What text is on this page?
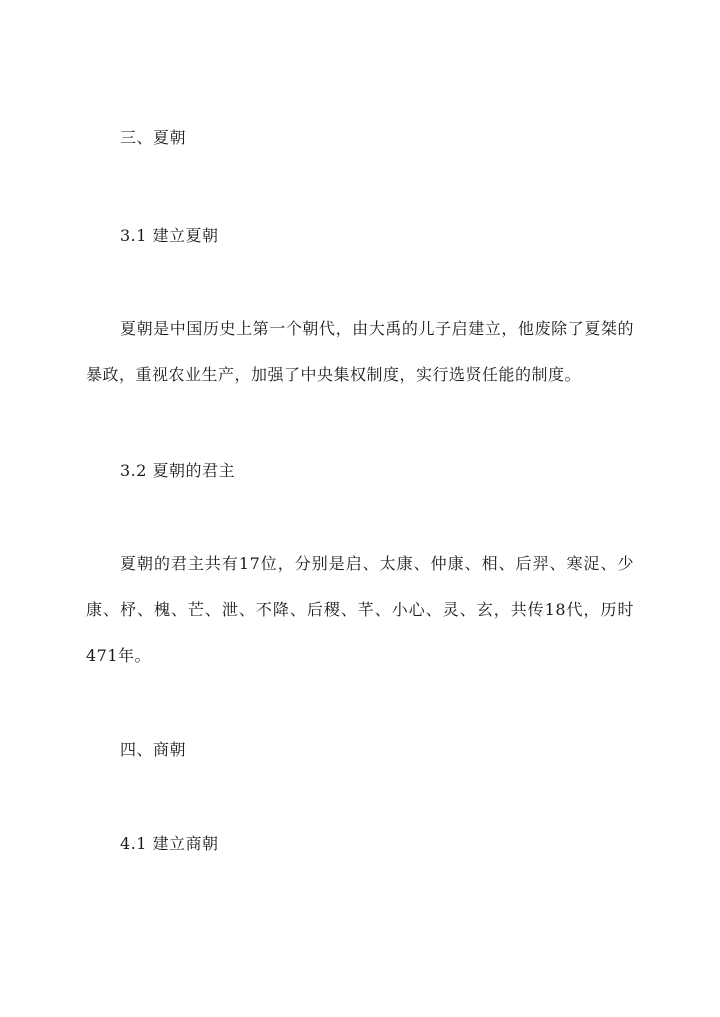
三、夏朝
3.1 建立夏朝
夏朝是中国历史上第一个朝代，由大禹的儿子启建立，他废除了夏桀的暴政，重视农业生产，加强了中央集权制度，实行选贤任能的制度。
3.2 夏朝的君主
夏朝的君主共有17位，分别是启、太康、仲康、相、后羿、寒浞、少康、杼、槐、芒、泄、不降、后稷、芊、小心、灵、玄，共传18代，历时471年。
四、商朝
4.1 建立商朝
